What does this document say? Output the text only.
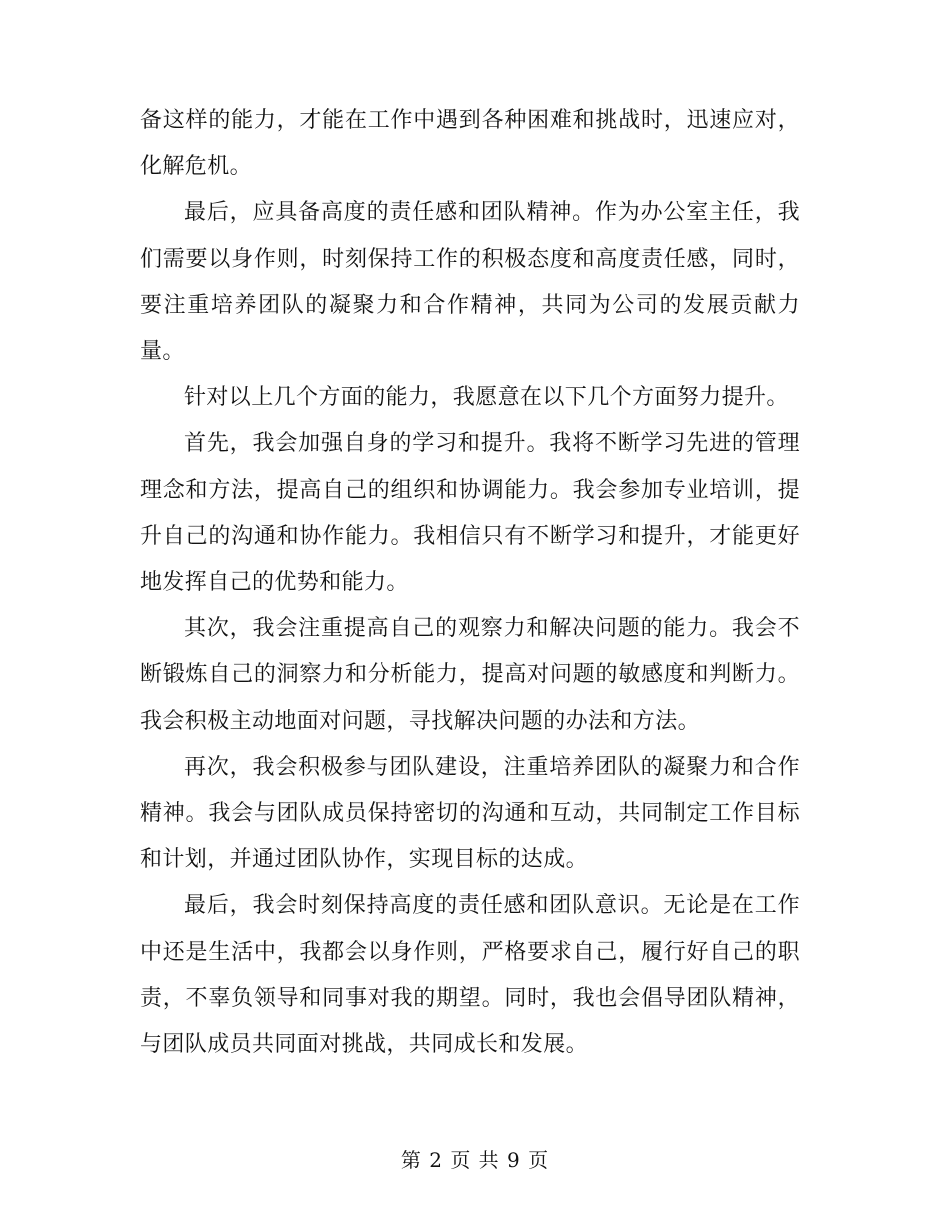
备这样的能力，才能在工作中遇到各种困难和挑战时，迅速应对，化解危机。

最后，应具备高度的责任感和团队精神。作为办公室主任，我们需要以身作则，时刻保持工作的积极态度和高度责任感，同时，要注重培养团队的凝聚力和合作精神，共同为公司的发展贡献力量。

针对以上几个方面的能力，我愿意在以下几个方面努力提升。

首先，我会加强自身的学习和提升。我将不断学习先进的管理理念和方法，提高自己的组织和协调能力。我会参加专业培训，提升自己的沟通和协作能力。我相信只有不断学习和提升，才能更好地发挥自己的优势和能力。

其次，我会注重提高自己的观察力和解决问题的能力。我会不断锻炼自己的洞察力和分析能力，提高对问题的敏感度和判断力。我会积极主动地面对问题，寻找解决问题的办法和方法。

再次，我会积极参与团队建设，注重培养团队的凝聚力和合作精神。我会与团队成员保持密切的沟通和互动，共同制定工作目标和计划，并通过团队协作，实现目标的达成。

最后，我会时刻保持高度的责任感和团队意识。无论是在工作中还是生活中，我都会以身作则，严格要求自己，履行好自己的职责，不辜负领导和同事对我的期望。同时，我也会倡导团队精神，与团队成员共同面对挑战，共同成长和发展。

第 2 页 共 9 页
